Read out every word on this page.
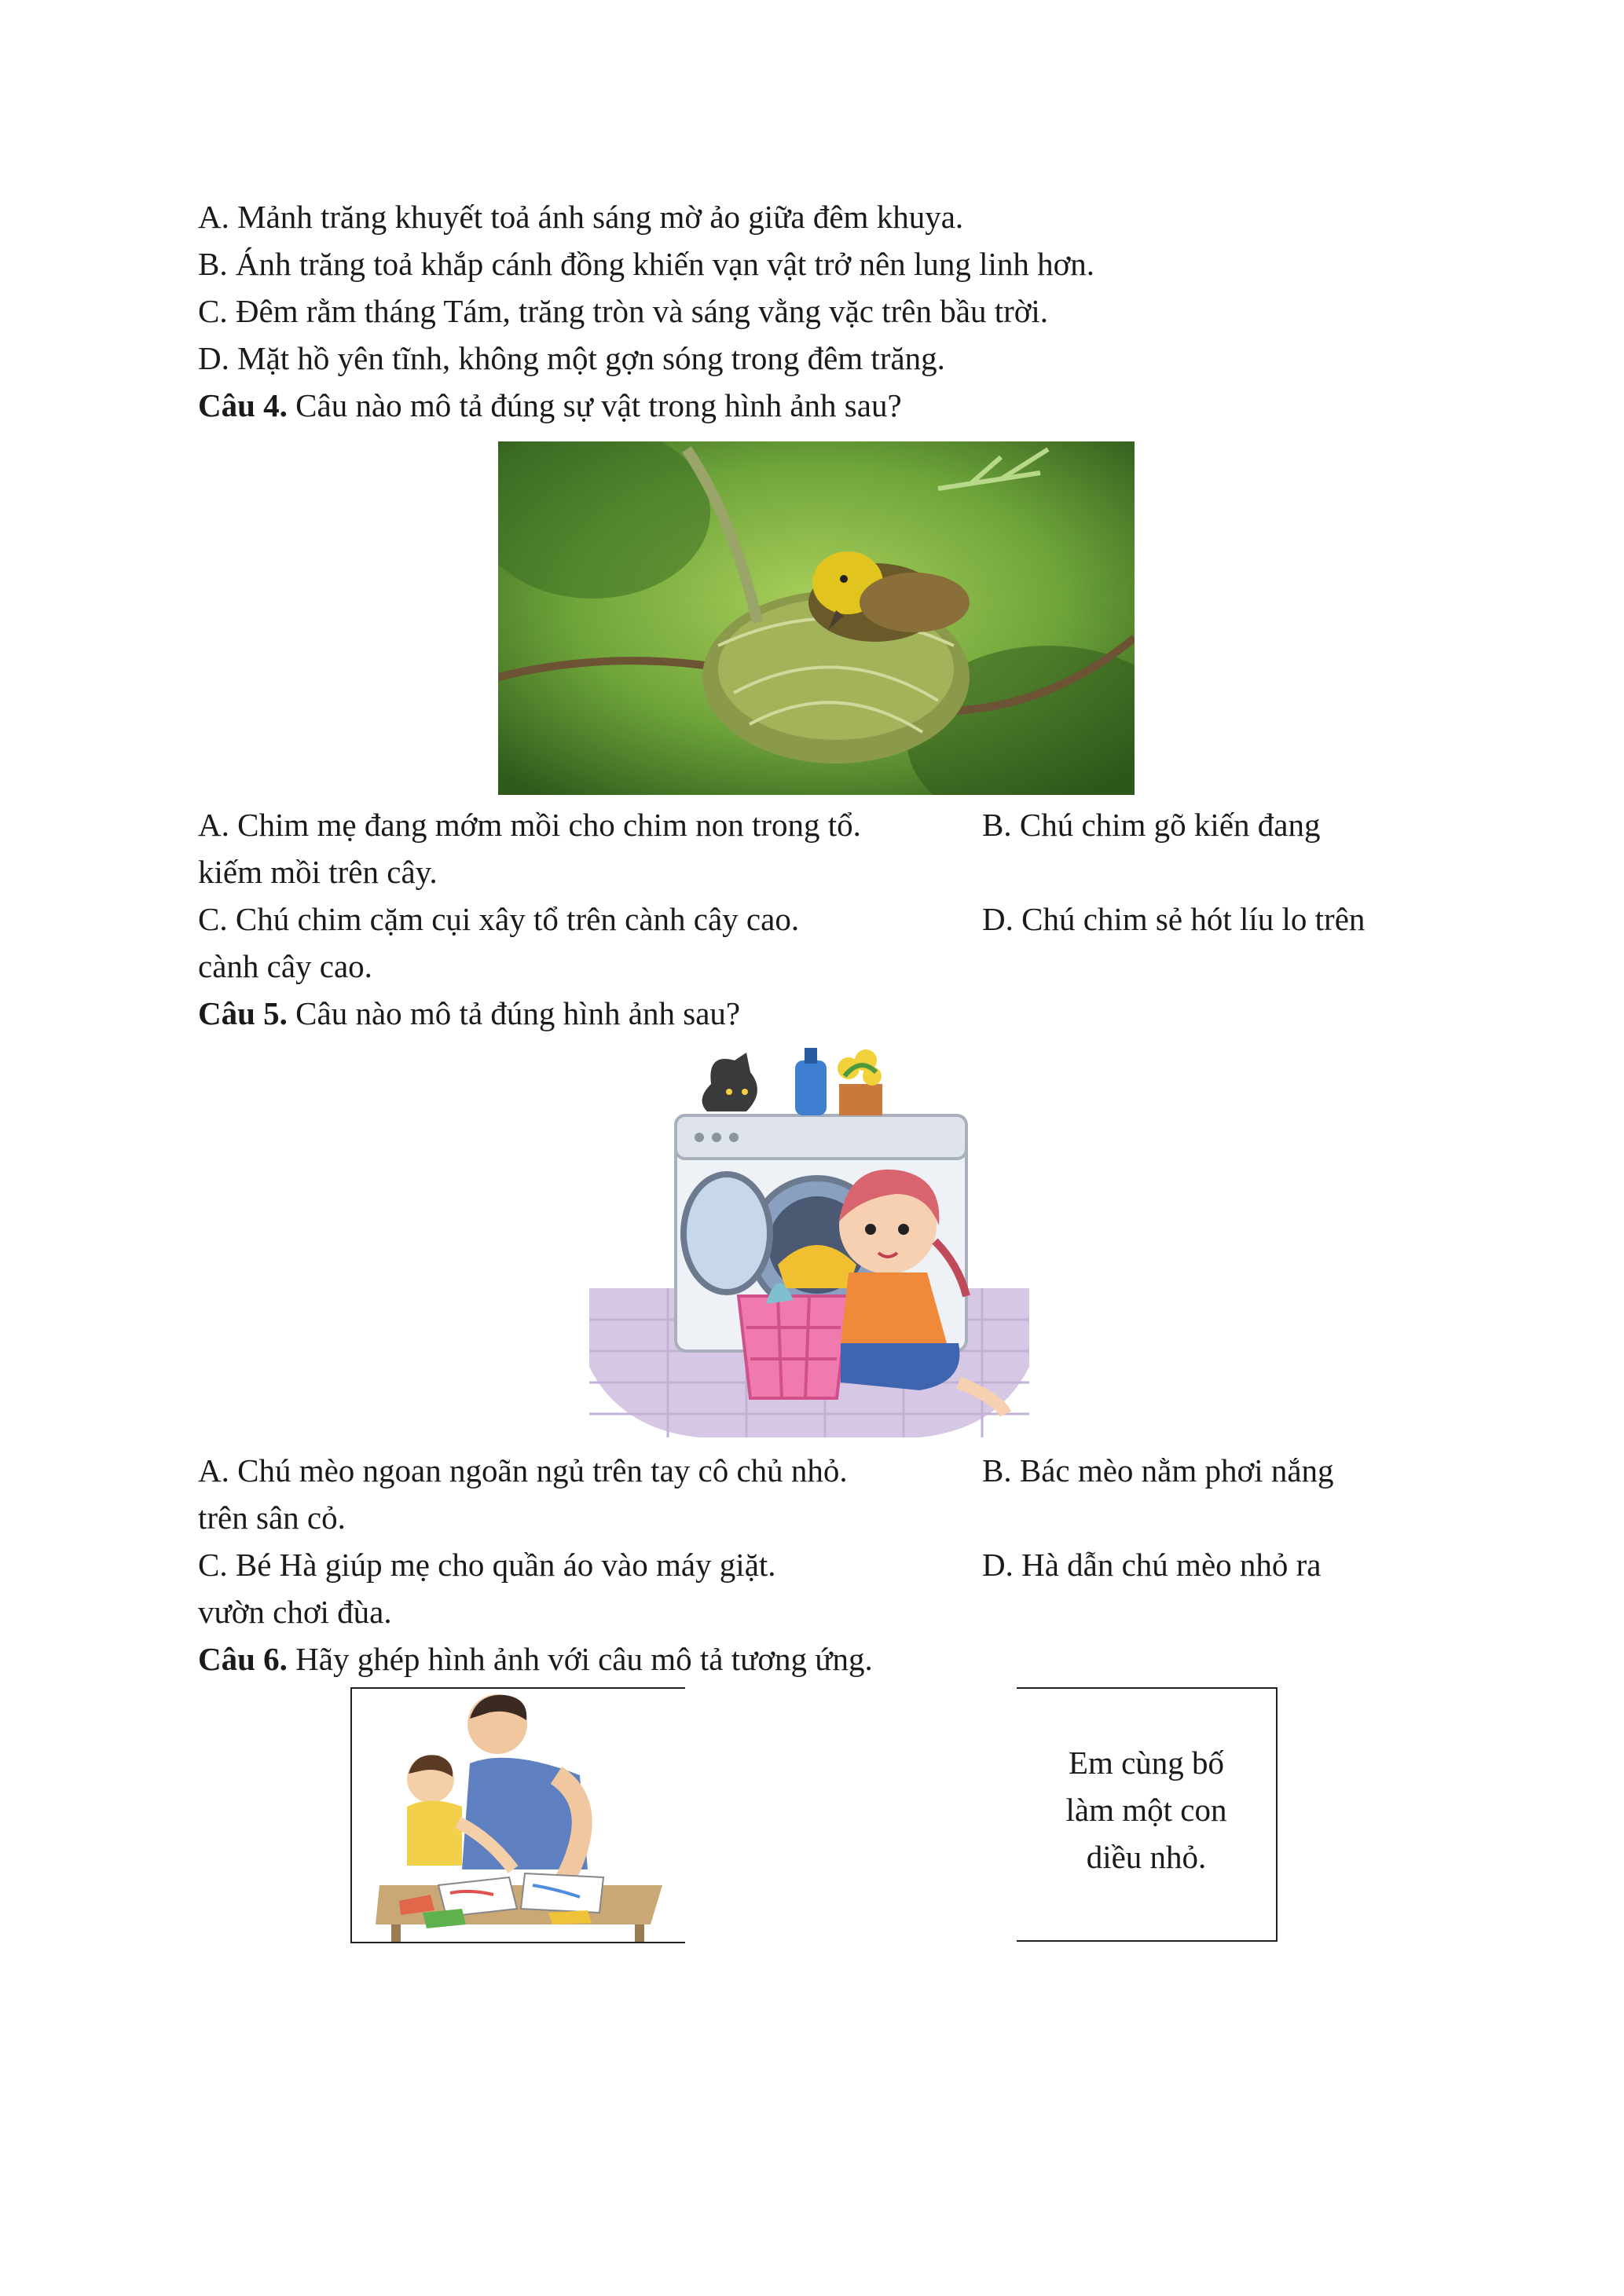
A. Mảnh trăng khuyết toả ánh sáng mờ ảo giữa đêm khuya.
B. Ánh trăng toả khắp cánh đồng khiến vạn vật trở nên lung linh hơn.
C. Đêm rằm tháng Tám, trăng tròn và sáng vằng vặc trên bầu trời.
D. Mặt hồ yên tĩnh, không một gợn sóng trong đêm trăng.
Câu 4. Câu nào mô tả đúng sự vật trong hình ảnh sau?
A. Chim mẹ đang mớm mồi cho chim non trong tổ.	B. Chú chim gõ kiến đang
kiếm mồi trên cây.
C. Chú chim cặm cụi xây tổ trên cành cây cao.	D. Chú chim sẻ hót líu lo trên
cành cây cao.
Câu 5. Câu nào mô tả đúng hình ảnh sau?
A. Chú mèo ngoan ngoãn ngủ trên tay cô chủ nhỏ.	B. Bác mèo nằm phơi nắng
trên sân cỏ.
C. Bé Hà giúp mẹ cho quần áo vào máy giặt.	D. Hà dẫn chú mèo nhỏ ra
vườn chơi đùa.
Câu 6. Hãy ghép hình ảnh với câu mô tả tương ứng.
Em cùng bố
làm một con
diều nhỏ.
